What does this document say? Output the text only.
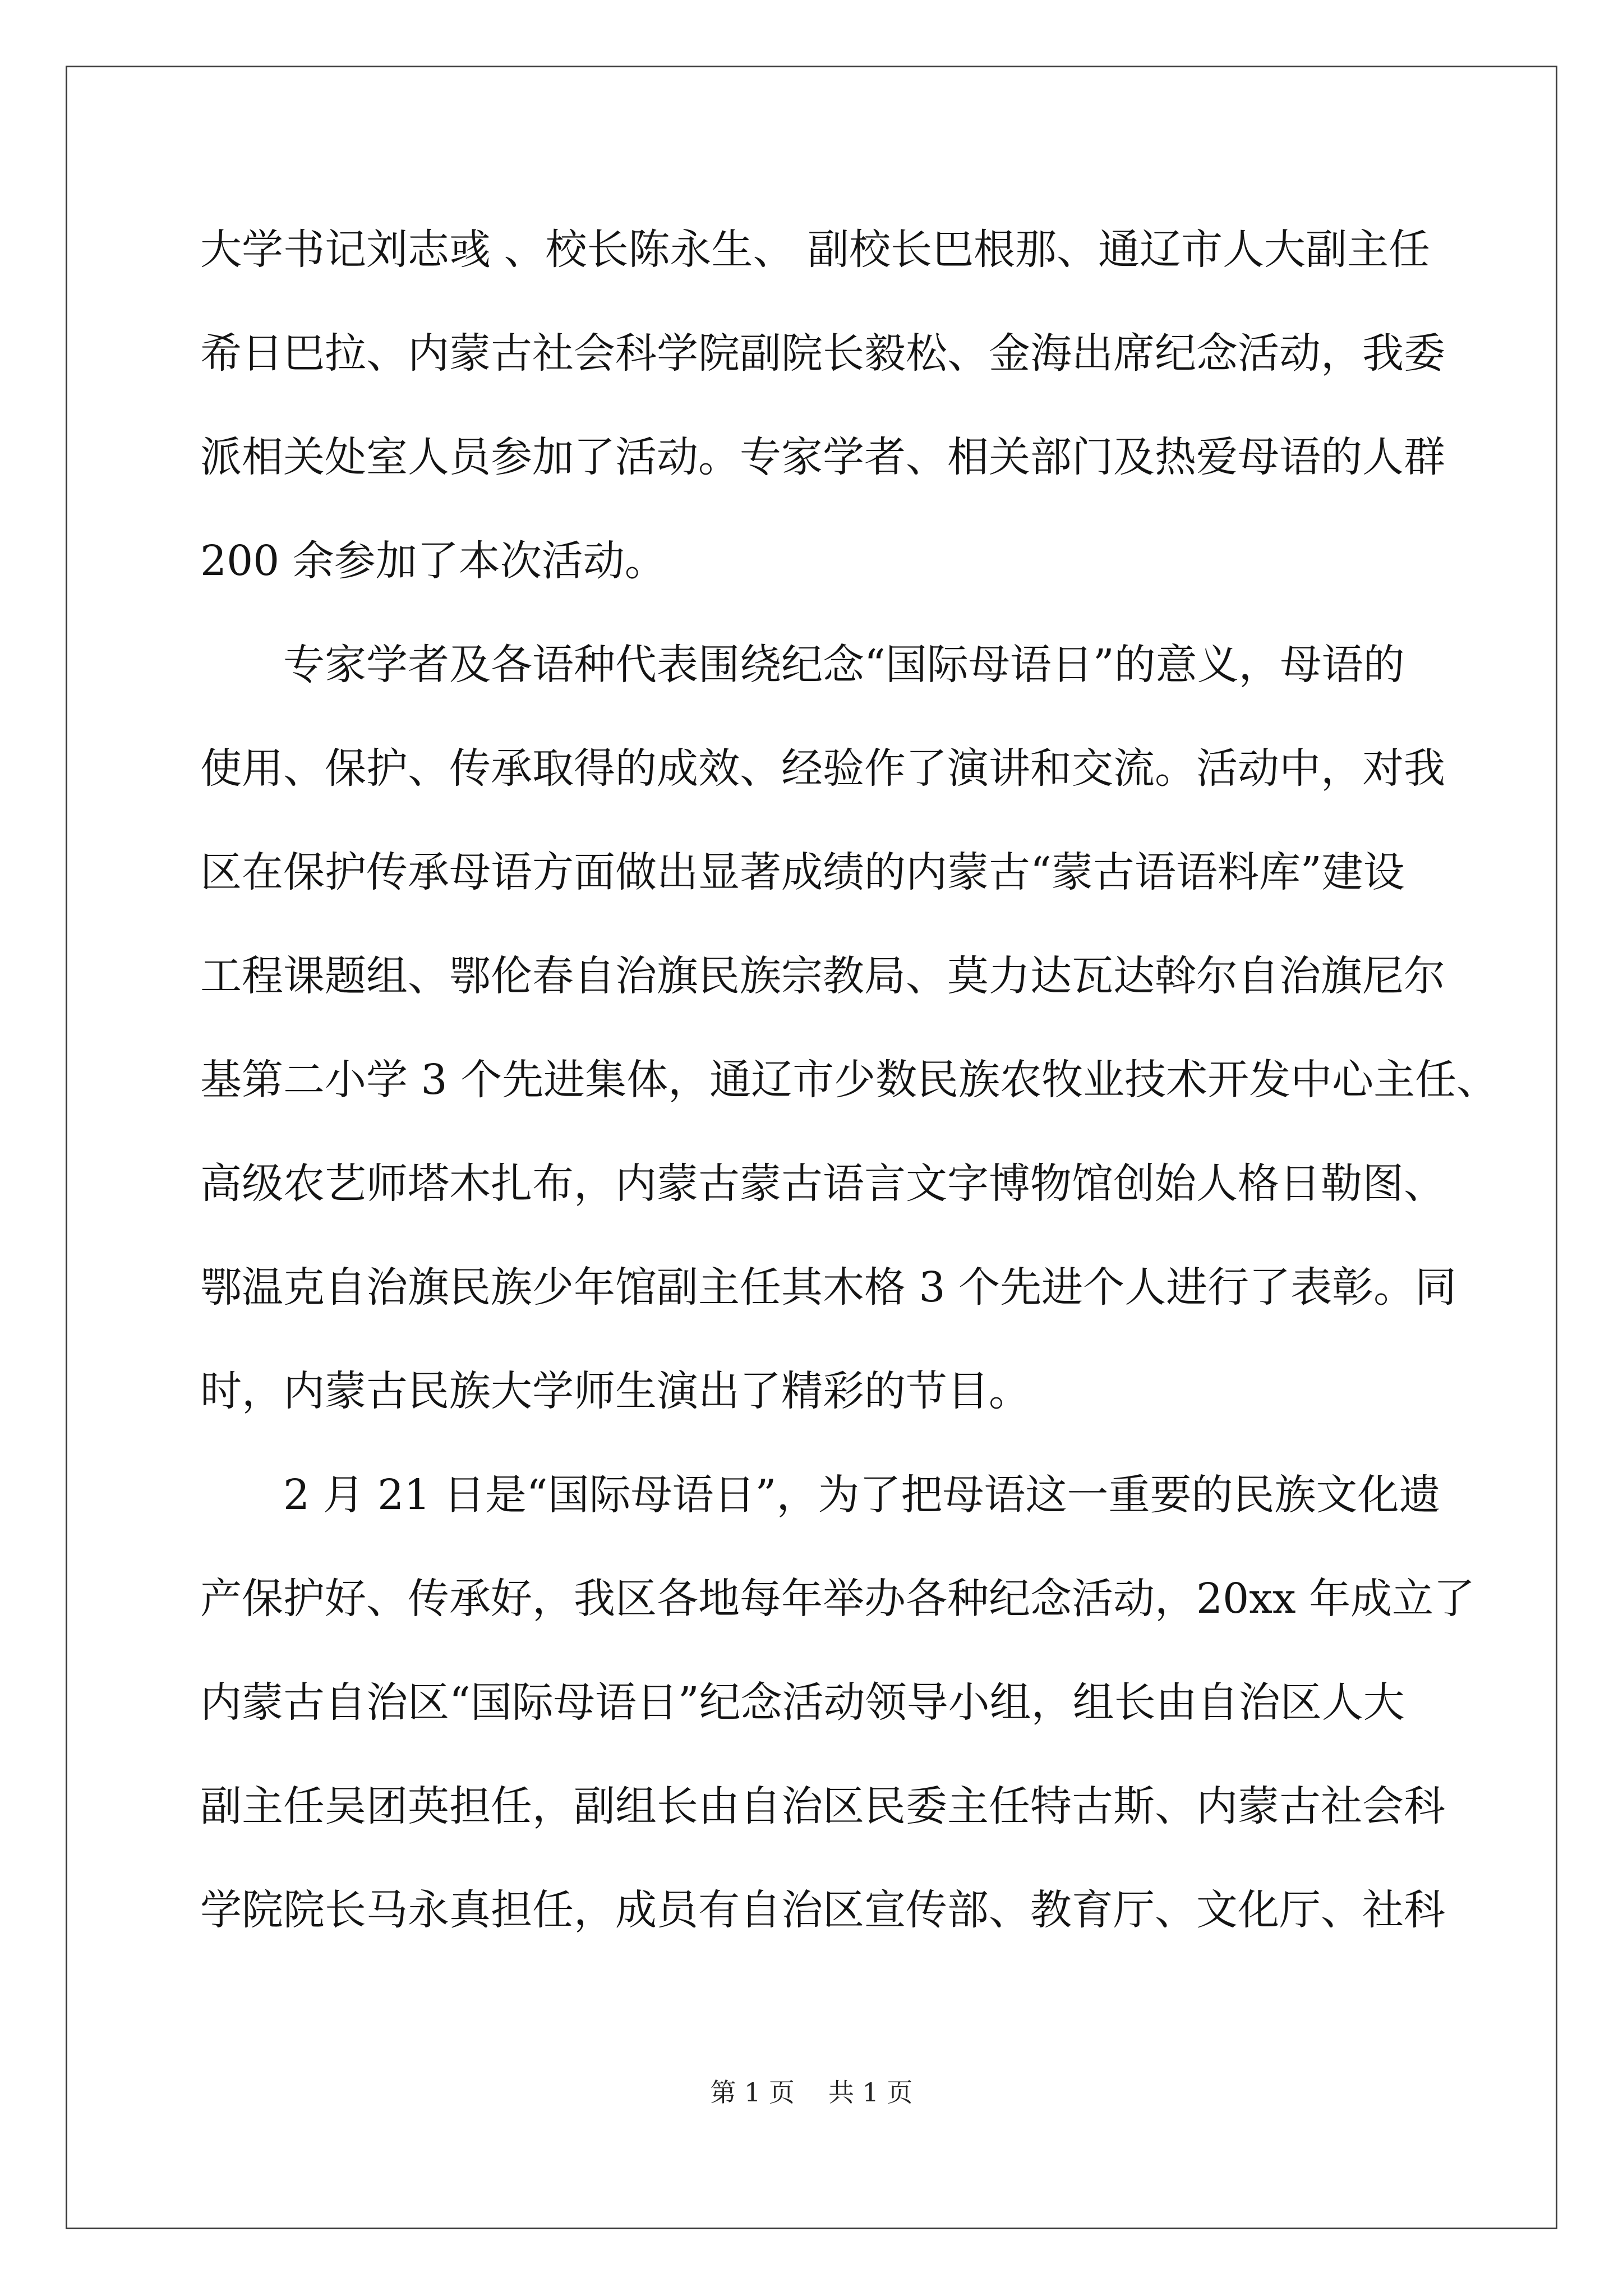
大学书记刘志彧 、校长陈永生、 副校长巴根那、通辽市人大副主任
希日巴拉、内蒙古社会科学院副院长毅松、金海出席纪念活动，我委
派相关处室人员参加了活动。专家学者、相关部门及热爱母语的人群
200 余参加了本次活动。
专家学者及各语种代表围绕纪念“国际母语日”的意义，母语的
使用、保护、传承取得的成效、经验作了演讲和交流。活动中，对我
区在保护传承母语方面做出显著成绩的内蒙古“蒙古语语料库”建设
工程课题组、鄂伦春自治旗民族宗教局、莫力达瓦达斡尔自治旗尼尔
基第二小学 3 个先进集体，通辽市少数民族农牧业技术开发中心主任、
高级农艺师塔木扎布，内蒙古蒙古语言文字博物馆创始人格日勒图、
鄂温克自治旗民族少年馆副主任其木格 3 个先进个人进行了表彰。同
时，内蒙古民族大学师生演出了精彩的节目。
2 月 21 日是“国际母语日”，为了把母语这一重要的民族文化遗
产保护好、传承好，我区各地每年举办各种纪念活动，20xx 年成立了
内蒙古自治区“国际母语日”纪念活动领导小组，组长由自治区人大
副主任吴团英担任，副组长由自治区民委主任特古斯、内蒙古社会科
学院院长马永真担任，成员有自治区宣传部、教育厅、文化厅、社科
第 1 页 共 1 页
